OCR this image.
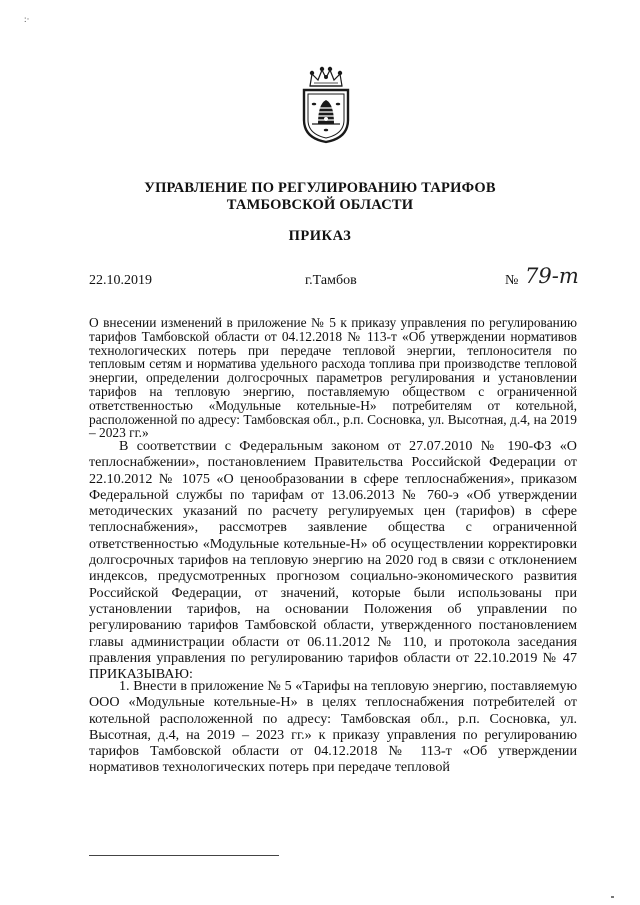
:·
УПРАВЛЕНИЕ ПО РЕГУЛИРОВАНИЮ ТАРИФОВ
ТАМБОВСКОЙ ОБЛАСТИ
ПРИКАЗ
22.10.2019	г.Тамбов	№ 79-т
О внесении изменений в приложение № 5 к приказу управления по регулированию тарифов Тамбовской области от 04.12.2018 № 113-т «Об утверждении нормативов технологических потерь при передаче тепловой энергии, теплоносителя по тепловым сетям и норматива удельного расхода топлива при производстве тепловой энергии, определении долгосрочных параметров регулирования и установлении тарифов на тепловую энергию, поставляемую обществом с ограниченной ответственностью «Модульные котельные-Н» потребителям от котельной, расположенной по адресу: Тамбовская обл., р.п. Сосновка, ул. Высотная, д.4, на 2019 – 2023 гг.»
В соответствии с Федеральным законом от 27.07.2010 № 190-ФЗ «О теплоснабжении», постановлением Правительства Российской Федерации от 22.10.2012 № 1075 «О ценообразовании в сфере теплоснабжения», приказом Федеральной службы по тарифам от 13.06.2013 № 760-э «Об утверждении методических указаний по расчету регулируемых цен (тарифов) в сфере теплоснабжения», рассмотрев заявление общества с ограниченной ответственностью «Модульные котельные-Н» об осуществлении корректировки долгосрочных тарифов на тепловую энергию на 2020 год в связи с отклонением индексов, предусмотренных прогнозом социально-экономического развития Российской Федерации, от значений, которые были использованы при установлении тарифов, на основании Положения об управлении по регулированию тарифов Тамбовской области, утвержденного постановлением главы администрации области от 06.11.2012 № 110, и протокола заседания правления управления по регулированию тарифов области от 22.10.2019 № 47 ПРИКАЗЫВАЮ:
1. Внести в приложение № 5 «Тарифы на тепловую энергию, поставляемую ООО «Модульные котельные-Н» в целях теплоснабжения потребителей от котельной расположенной по адресу: Тамбовская обл., р.п. Сосновка, ул. Высотная, д.4, на 2019 – 2023 гг.» к приказу управления по регулированию тарифов Тамбовской области от 04.12.2018 № 113-т «Об утверждении нормативов технологических потерь при передаче тепловой
